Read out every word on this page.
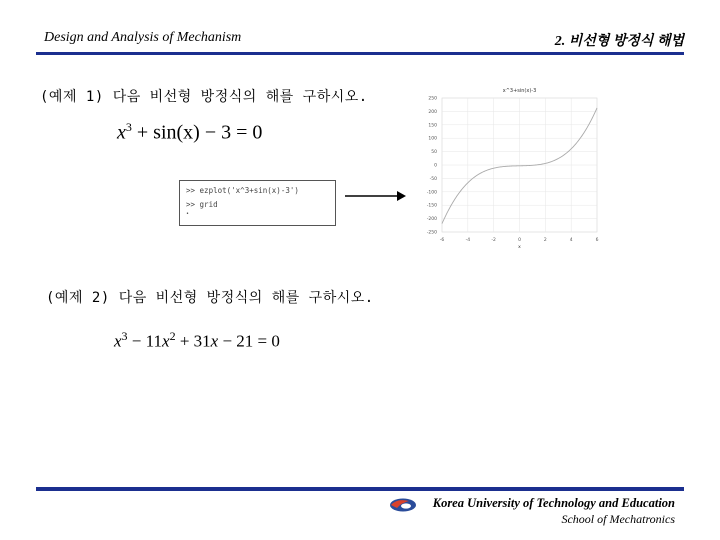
Design and Analysis of Mechanism	2. 비선형 방정식 해법
(예제 1) 다음 비선형 방정식의 해를 구하시오.
$x^3 + \sin(x) - 3 = 0$
>> ezplot('x^3+sin(x)-3')
>> grid
•
-6	-4	-2	0	2	4	6
250
200
150
100
50
0
-50
-100
-150
-200
-250
x^3+sin(x)-3
x
(예제 2) 다음 비선형 방정식의 해를 구하시오.
$x^3 - 11x^2 + 31x - 21 = 0$
Korea University of Technology and Education
School of Mechatronics
